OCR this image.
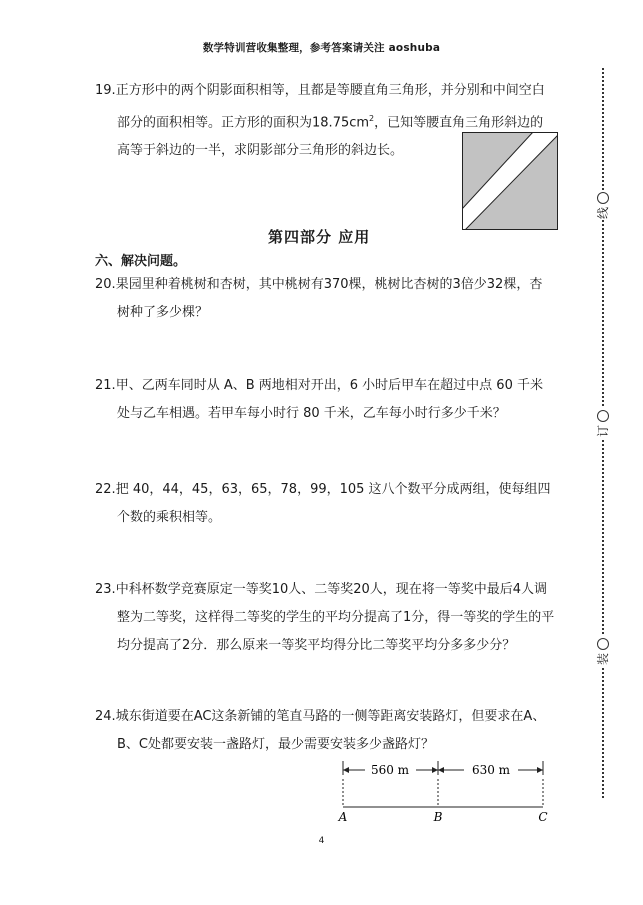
数学特训营收集整理，参考答案请关注 aoshuba
19.正方形中的两个阴影面积相等，且都是等腰直角三角形，并分别和中间空白部分的面积相等。正方形的面积为$18.75cm^2$，已知等腰直角三角形斜边的高等于斜边的一半，求阴影部分三角形的斜边长。
第四部分 应用
六、解决问题。
20.果园里种着桃树和杏树，其中桃树有370棵，桃树比杏树的3倍少32棵，杏树种了多少棵？
21.甲、乙两车同时从 A、B 两地相对开出，6 小时后甲车在超过中点 60 千米处与乙车相遇。若甲车每小时行 80 千米，乙车每小时行多少千米？
22.把 40，44，45，63，65，78，99，105 这八个数平分成两组，使每组四个数的乘积相等。
23.中科杯数学竞赛原定一等奖10人、二等奖20人，现在将一等奖中最后4人调整为二等奖，这样得二等奖的学生的平均分提高了1分，得一等奖的学生的平均分提高了2分．那么原来一等奖平均得分比二等奖平均分多多少分？
24.城东街道要在AC这条新铺的笔直马路的一侧等距离安装路灯，但要求在A、B、C处都要安装一盏路灯，最少需要安装多少盏路灯？
560 m	630 m
A	B	C
线
订
装
4
